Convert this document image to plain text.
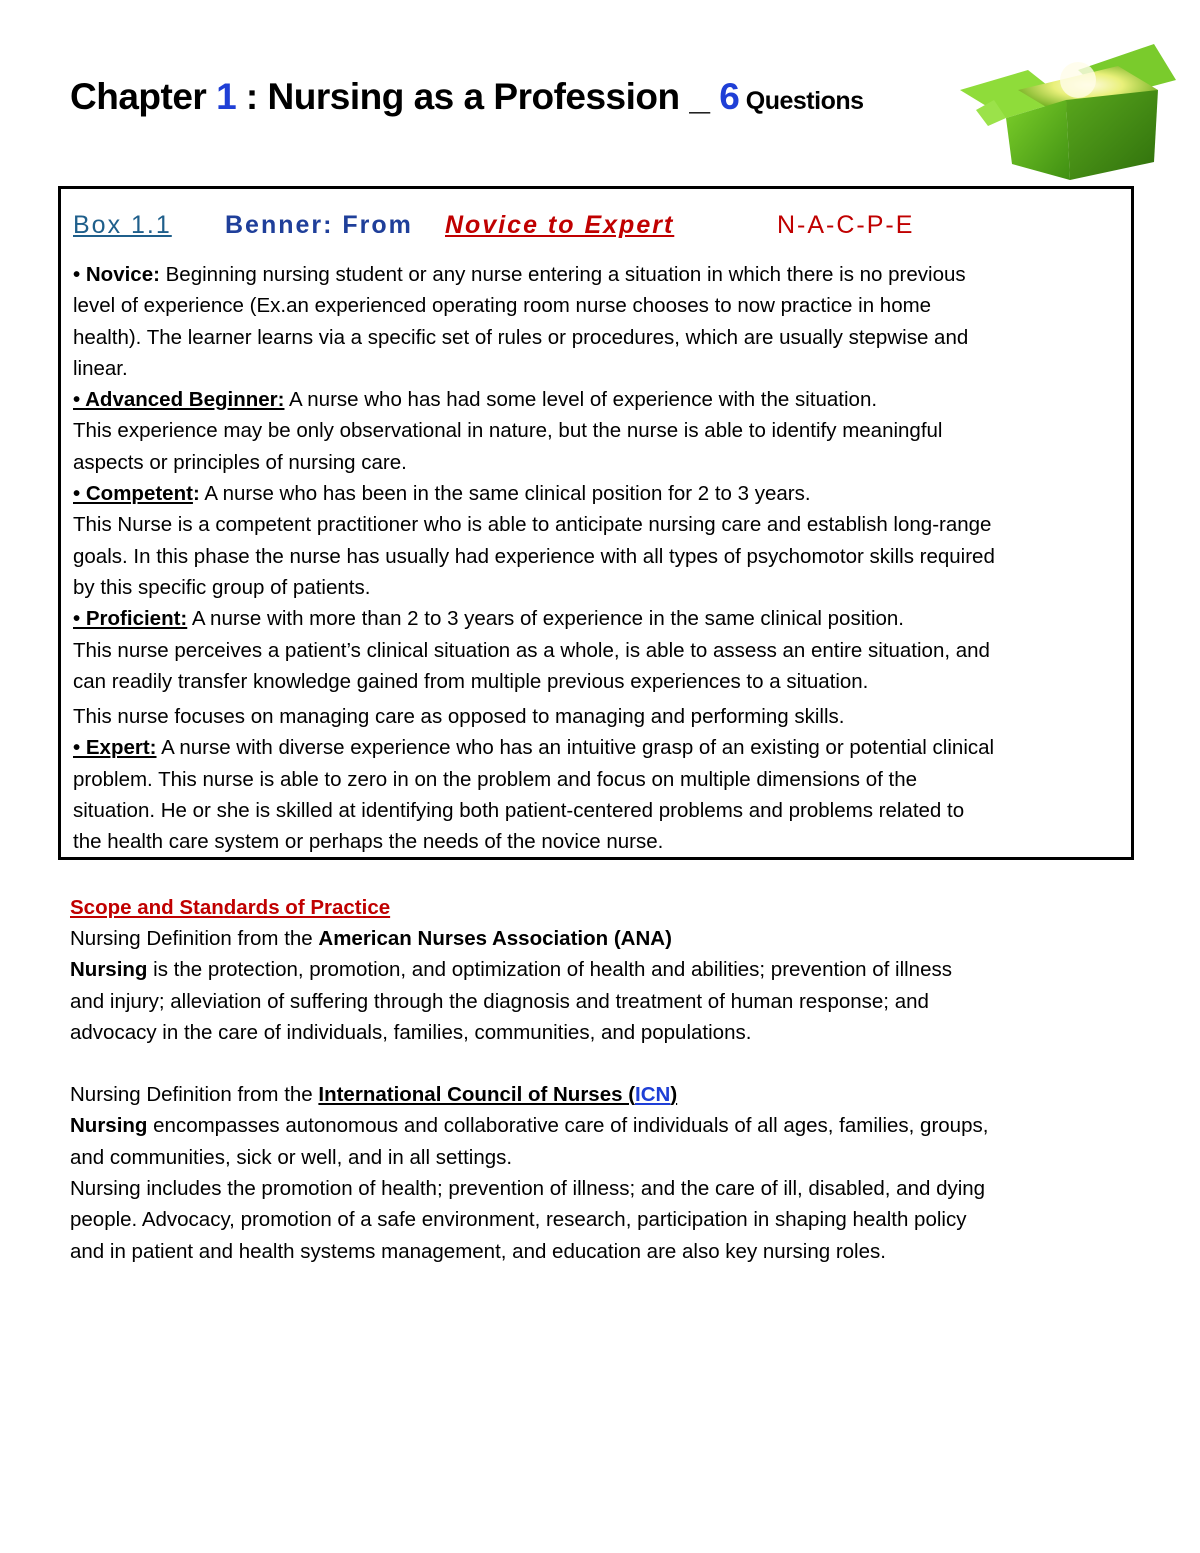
Chapter 1 : Nursing as a Profession _ 6 Questions
Box 1.1 Benner: From Novice to Expert	N-A-C-P-E

• Novice: Beginning nursing student or any nurse entering a situation in which there is no previous

level of experience (Ex.an experienced operating room nurse chooses to now practice in home

health). The learner learns via a specific set of rules or procedures, which are usually stepwise and

linear.

• Advanced Beginner: A nurse who has had some level of experience with the situation.

This experience may be only observational in nature, but the nurse is able to identify meaningful

aspects or principles of nursing care.

• Competent: A nurse who has been in the same clinical position for 2 to 3 years.

This Nurse is a competent practitioner who is able to anticipate nursing care and establish long-range

goals. In this phase the nurse has usually had experience with all types of psychomotor skills required

by this specific group of patients.

• Proficient: A nurse with more than 2 to 3 years of experience in the same clinical position.

This nurse perceives a patient’s clinical situation as a whole, is able to assess an entire situation, and

can readily transfer knowledge gained from multiple previous experiences to a situation.

This nurse focuses on managing care as opposed to managing and performing skills.

• Expert: A nurse with diverse experience who has an intuitive grasp of an existing or potential clinical

problem. This nurse is able to zero in on the problem and focus on multiple dimensions of the

situation. He or she is skilled at identifying both patient-centered problems and problems related to

the health care system or perhaps the needs of the novice nurse.

Scope and Standards of Practice

Nursing Definition from the American Nurses Association (ANA)

Nursing is the protection, promotion, and optimization of health and abilities; prevention of illness

and injury; alleviation of suffering through the diagnosis and treatment of human response; and

advocacy in the care of individuals, families, communities, and populations.

Nursing Definition from the International Council of Nurses (ICN)

Nursing encompasses autonomous and collaborative care of individuals of all ages, families, groups,

and communities, sick or well, and in all settings.

Nursing includes the promotion of health; prevention of illness; and the care of ill, disabled, and dying

people. Advocacy, promotion of a safe environment, research, participation in shaping health policy

and in patient and health systems management, and education are also key nursing roles.
